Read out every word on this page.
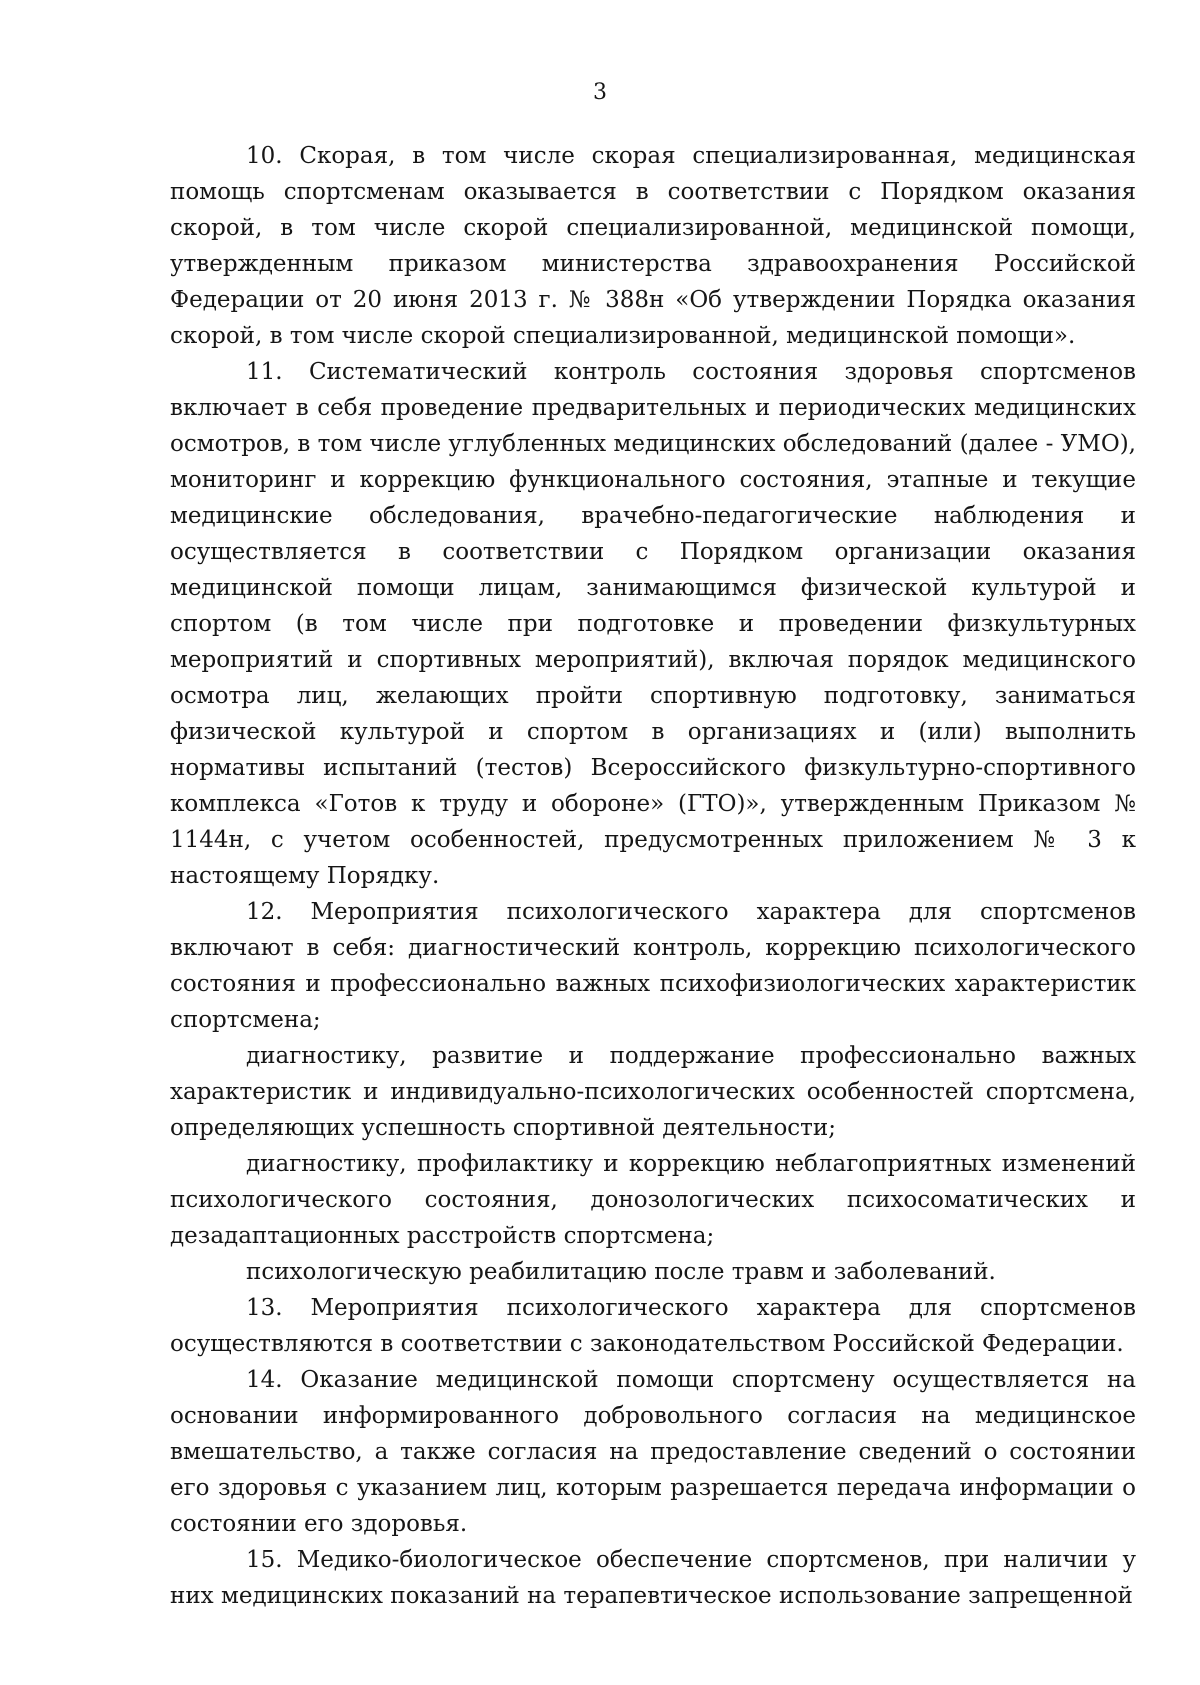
3

10. Скорая, в том числе скорая специализированная, медицинская помощь спортсменам оказывается в соответствии с Порядком оказания скорой, в том числе скорой специализированной, медицинской помощи, утвержденным приказом министерства здравоохранения Российской Федерации от 20 июня 2013 г. № 388н «Об утверждении Порядка оказания скорой, в том числе скорой специализированной, медицинской помощи».

11. Систематический контроль состояния здоровья спортсменов включает в себя проведение предварительных и периодических медицинских осмотров, в том числе углубленных медицинских обследований (далее - УМО), мониторинг и коррекцию функционального состояния, этапные и текущие медицинские обследования, врачебно-педагогические наблюдения и осуществляется в соответствии с Порядком организации оказания медицинской помощи лицам, занимающимся физической культурой и спортом (в том числе при подготовке и проведении физкультурных мероприятий и спортивных мероприятий), включая порядок медицинского осмотра лиц, желающих пройти спортивную подготовку, заниматься физической культурой и спортом в организациях и (или) выполнить нормативы испытаний (тестов) Всероссийского физкультурно-спортивного комплекса «Готов к труду и обороне» (ГТО)», утвержденным Приказом № 1144н, с учетом особенностей, предусмотренных приложением № 3 к настоящему Порядку.

12. Мероприятия психологического характера для спортсменов включают в себя: диагностический контроль, коррекцию психологического состояния и профессионально важных психофизиологических характеристик спортсмена;

диагностику, развитие и поддержание профессионально важных характеристик и индивидуально-психологических особенностей спортсмена, определяющих успешность спортивной деятельности;

диагностику, профилактику и коррекцию неблагоприятных изменений психологического состояния, донозологических психосоматических и дезадаптационных расстройств спортсмена;

психологическую реабилитацию после травм и заболеваний.

13. Мероприятия психологического характера для спортсменов осуществляются в соответствии с законодательством Российской Федерации.

14. Оказание медицинской помощи спортсмену осуществляется на основании информированного добровольного согласия на медицинское вмешательство, а также согласия на предоставление сведений о состоянии его здоровья с указанием лиц, которым разрешается передача информации о состоянии его здоровья.

15. Медико-биологическое обеспечение спортсменов, при наличии у них медицинских показаний на терапевтическое использование запрещенной
